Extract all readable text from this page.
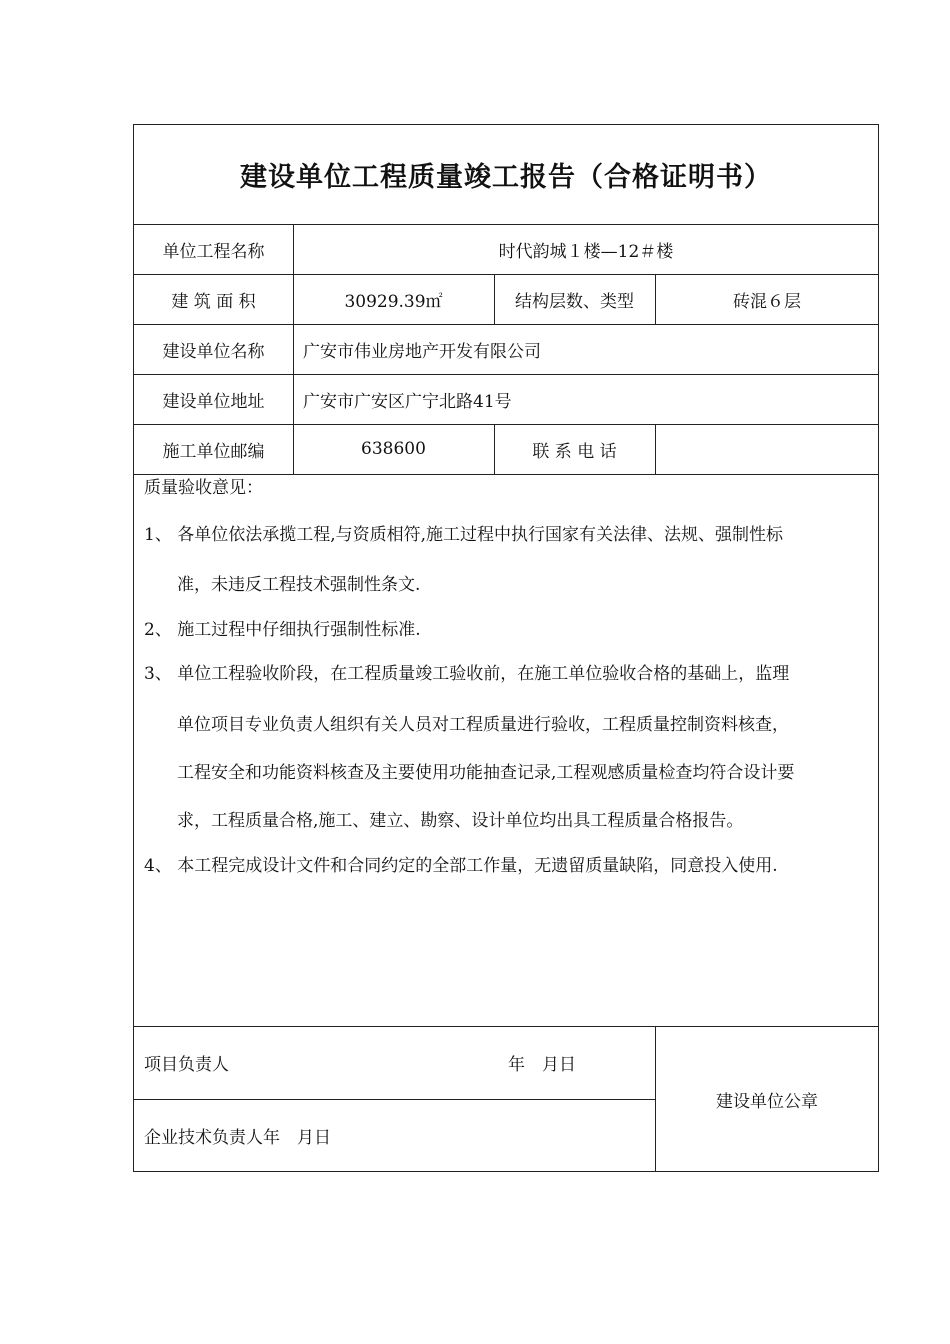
建设单位工程质量竣工报告（合格证明书）
单位工程名称	时代韵城１楼—12＃楼
建 筑 面 积	30929.39㎡	结构层数、类型	砖混６层
建设单位名称	广安市伟业房地产开发有限公司
建设单位地址	广安市广安区广宁北路41号
施工单位邮编	638600	联 系 电 话
质量验收意见：
1、 各单位依法承揽工程,与资质相符,施工过程中执行国家有关法律、法规、强制性标
准，未违反工程技术强制性条文.
2、 施工过程中仔细执行强制性标准.
3、 单位工程验收阶段，在工程质量竣工验收前，在施工单位验收合格的基础上，监理
单位项目专业负责人组织有关人员对工程质量进行验收，工程质量控制资料核查，
工程安全和功能资料核查及主要使用功能抽查记录,工程观感质量检查均符合设计要
求，工程质量合格,施工、建立、勘察、设计单位均出具工程质量合格报告。
4、 本工程完成设计文件和合同约定的全部工作量，无遗留质量缺陷，同意投入使用.
项目负责人	年　月日
企业技术负责人年　月日
建设单位公章
